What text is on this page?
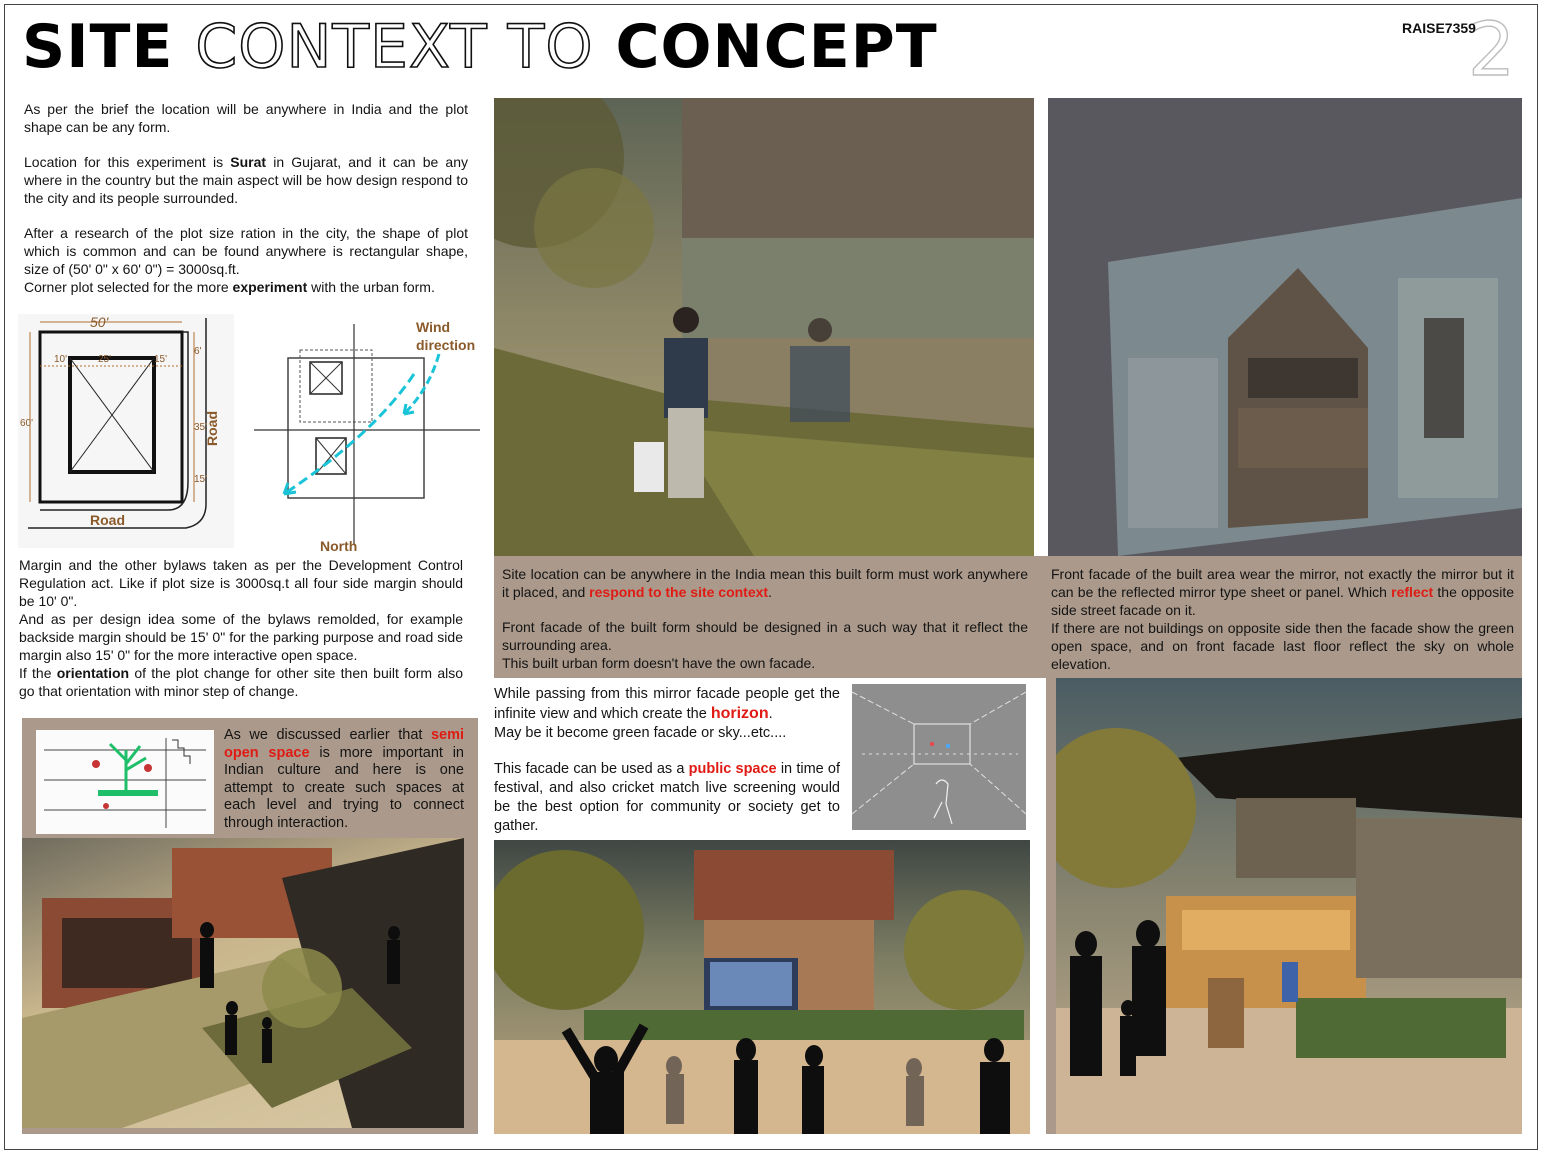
SITE CONTEXT TO CONCEPT	2
RAISE7359

As per the brief the location will be anywhere in India and the plot shape can be any form.

Location for this experiment is Surat in Gujarat, and it can be any where in the country but the main aspect will be how design respond to the city and its people surrounded.

After a research of the plot size ration in the city, the shape of plot which is common and can be found anywhere is rectangular shape, size of (50' 0" x 60' 0") = 3000sq.ft.

Corner plot selected for the more experiment with the urban form.

50'
10'	25'	15'
6'
35'
60'
15'
Road
Road
Wind direction
North

Margin and the other bylaws taken as per the Development Control Regulation act. Like if plot size is 3000sq.t all four side margin should be 10' 0".

And as per design idea some of the bylaws remolded, for example backside margin should be 15' 0" for the parking purpose and road side margin also 15' 0" for the more interactive open space.

If the orientation of the plot change for other site then built form also go that orientation with minor step of change.

As we discussed earlier that semi open space is more important in Indian culture and here is one attempt to create such spaces at each level and trying to connect through interaction.

Site location can be anywhere in the India mean this built form must work anywhere it placed, and respond to the site context.

Front facade of the built form should be designed in a such way that it reflect the surrounding area.

This built urban form doesn't have the own facade.

Front facade of the built area wear the mirror, not exactly the mirror but it can be the reflected mirror type sheet or panel. Which reflect the opposite side street facade on it.

If there are not buildings on opposite side then the facade show the green open space, and on front facade last floor reflect the sky on whole elevation.

While passing from this mirror facade people get the infinite view and which create the horizon.

May be it become green facade or sky...etc....

This facade can be used as a public space in time of festival, and also cricket match live screening would be the best option for community or society get to gather.
